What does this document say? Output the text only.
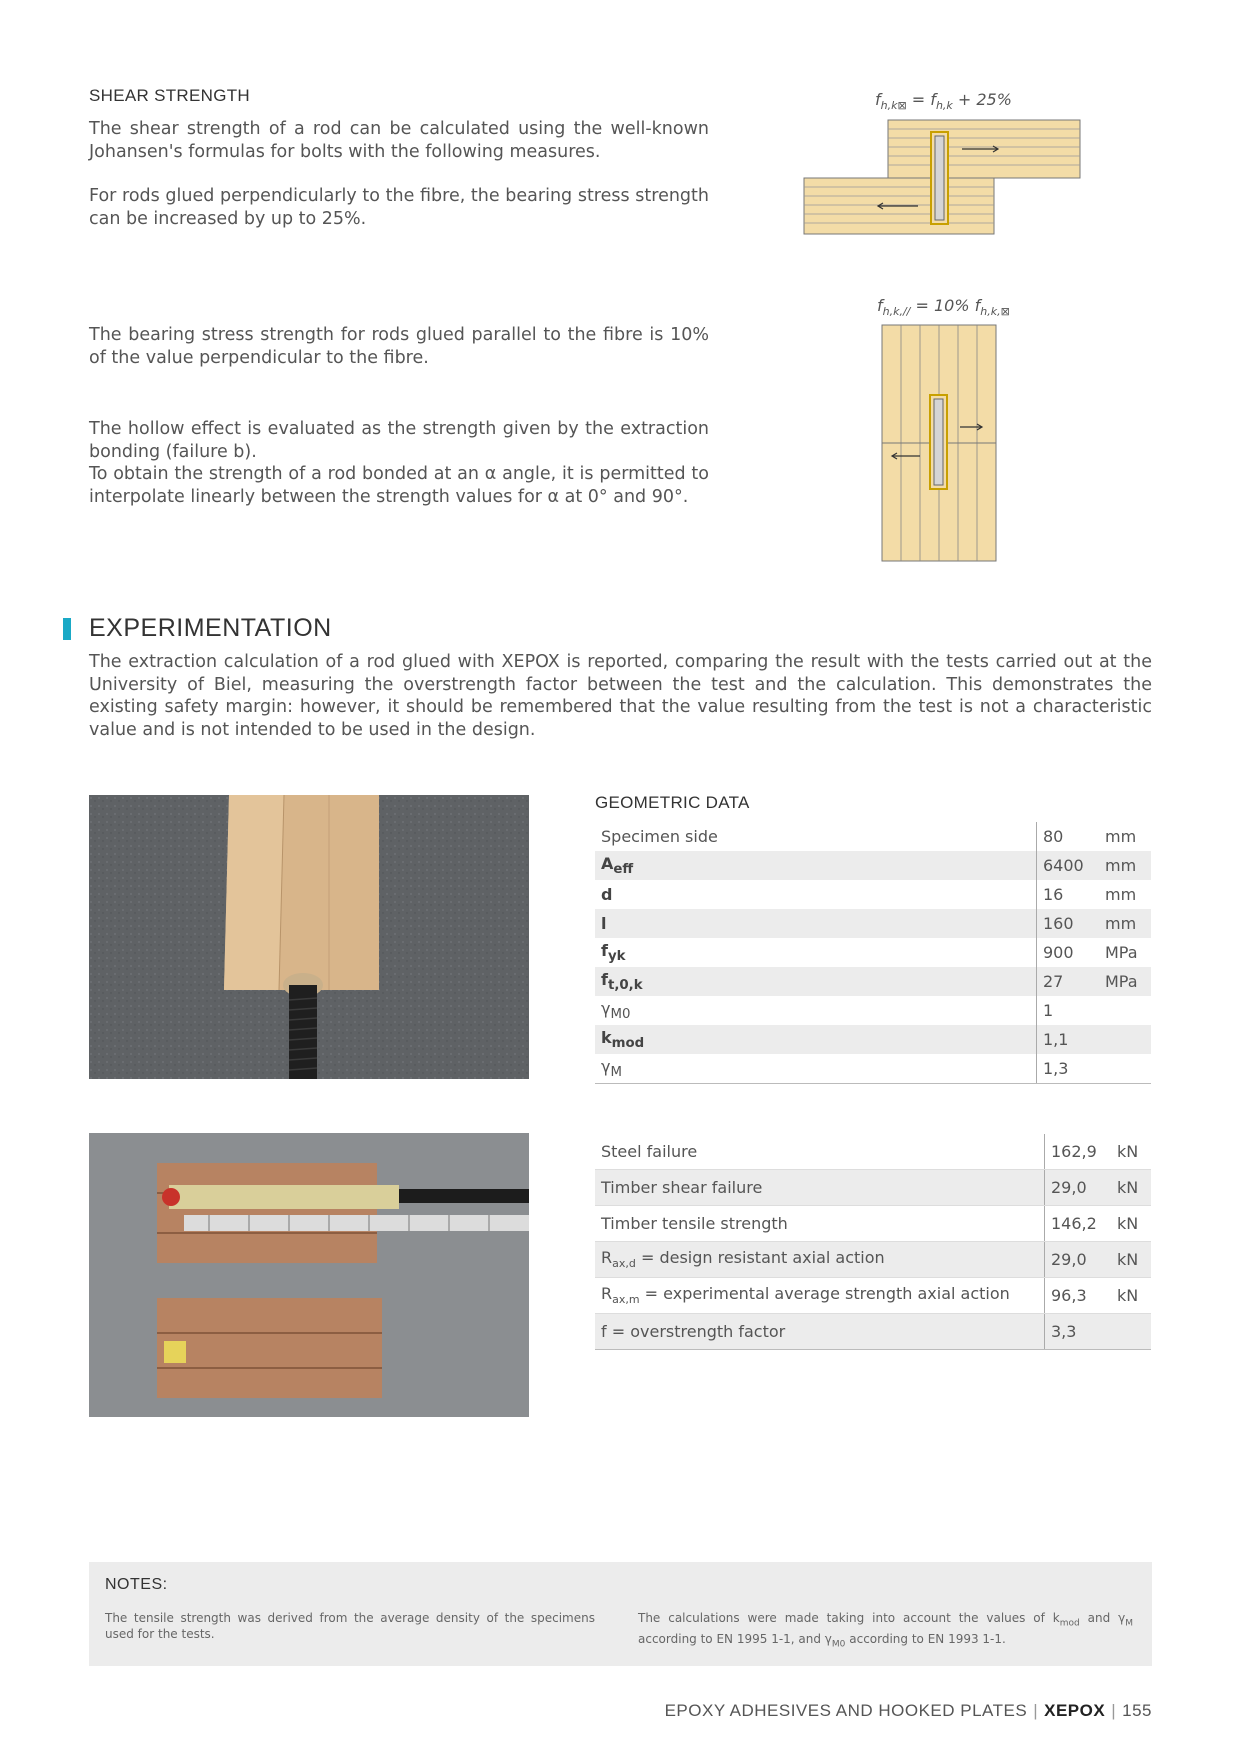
SHEAR STRENGTH
The shear strength of a rod can be calculated using the well-known Johansen's formulas for bolts with the following measures.
For rods glued perpendicularly to the fibre, the bearing stress strength can be increased by up to 25%.
The bearing stress strength for rods glued parallel to the fibre is 10% of the value perpendicular to the fibre.
The hollow effect is evaluated as the strength given by the extraction bonding (failure b).
To obtain the strength of a rod bonded at an α angle, it is permitted to interpolate linearly between the strength values for α at 0° and 90°.
$f_{h,k⊠} = f_{h,k} + 25\%$
$f_{h,k,//} = 10\%$ $f_{h,k,⊠}$
EXPERIMENTATION
The extraction calculation of a rod glued with XEPOX is reported, comparing the result with the tests carried out at the University of Biel, measuring the overstrength factor between the test and the calculation. This demonstrates the existing safety margin: however, it should be remembered that the value resulting from the test is not a characteristic value and is not intended to be used in the design.
GEOMETRIC DATA
Specimen side	80	mm
$A_{eff}$	6400	mm
d	16	mm
l	160	mm
$f_{yk}$	900	MPa
$f_{t,0,k}$	27	MPa
$\gamma_{M0}$	1	
$k_{mod}$	1,1	
$\gamma_M$	1,3	
Steel failure	162,9	kN
Timber shear failure	29,0	kN
Timber tensile strength	146,2	kN
$R_{ax,d}$ = design resistant axial action	29,0	kN
$R_{ax,m}$ = experimental average strength axial action	96,3	kN
f = overstrength factor	3,3	
NOTES:
The tensile strength was derived from the average density of the specimens used for the tests.
The calculations were made taking into account the values of $k_{mod}$ and $\gamma_M$ according to EN 1995 1-1, and $\gamma_{M0}$ according to EN 1993 1-1.
EPOXY ADHESIVES AND HOOKED PLATES | XEPOX | 155
